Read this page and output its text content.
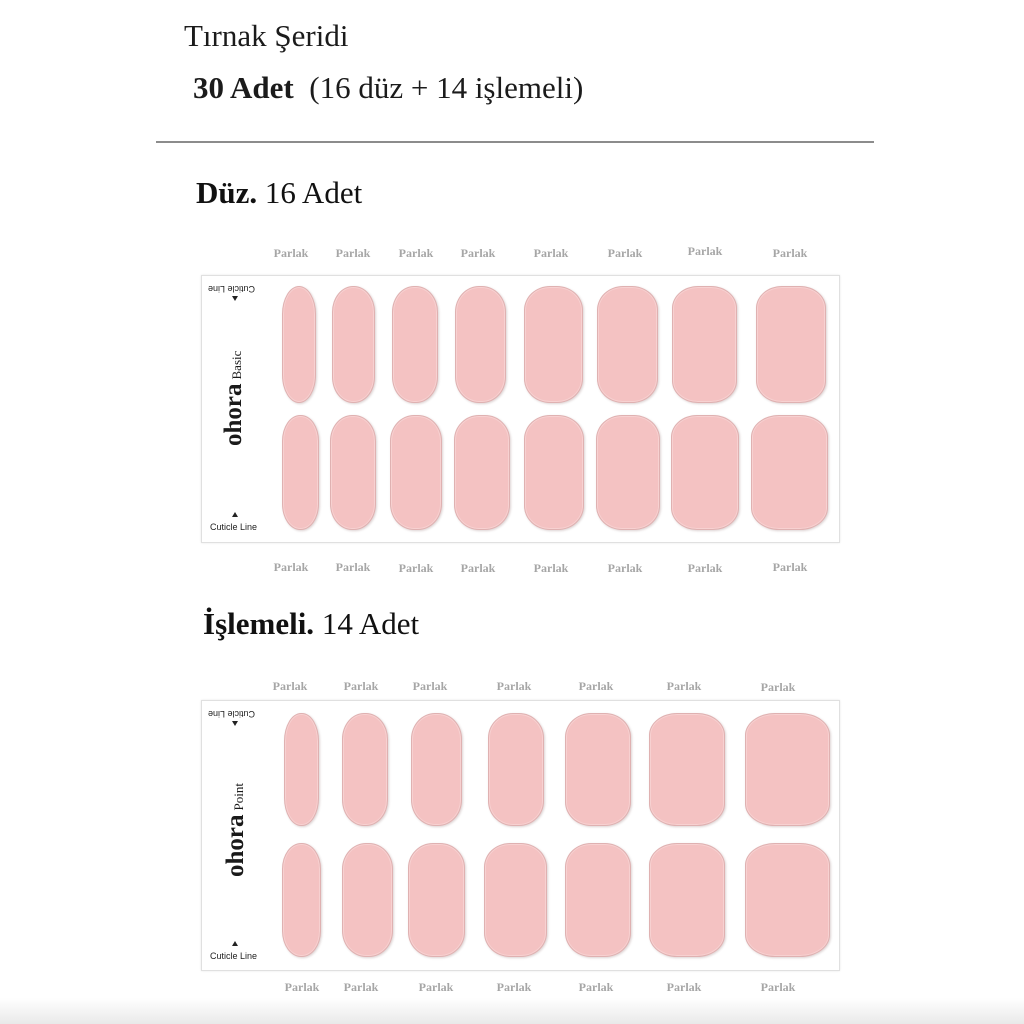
Tırnak Şeridi
30 Adet (16 düz + 14 işlemeli)
Düz. 16 Adet
Parlak Parlak Parlak Parlak	Parlak	Parlak	Parlak	Parlak
Cuticle Line
ohora Basic
Cuticle Line
Parlak Parlak Parlak Parlak	Parlak	Parlak	Parlak	Parlak
İşlemeli. 14 Adet
Parlak	Parlak	Parlak	Parlak	Parlak	Parlak	Parlak
Cuticle Line
ohora Point
Cuticle Line
Parlak Parlak	Parlak	Parlak	Parlak	Parlak	Parlak
